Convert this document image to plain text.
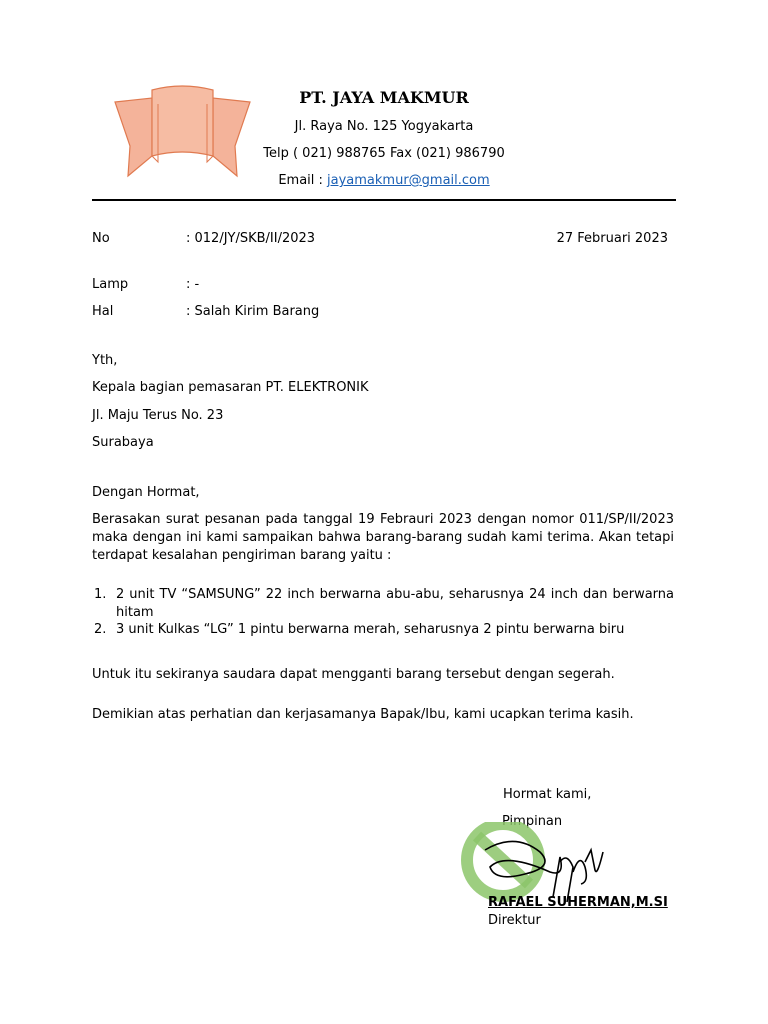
PT. JAYA MAKMUR
Jl. Raya No. 125 Yogyakarta
Telp ( 021) 988765 Fax (021) 986790
Email : jayamakmur@gmail.com
No	: 012/JY/SKB/II/2023	27 Februari 2023
Lamp	: -
Hal	: Salah Kirim Barang
Yth,
Kepala bagian pemasaran PT. ELEKTRONIK
Jl. Maju Terus No. 23
Surabaya
Dengan Hormat,
Berasakan surat pesanan pada tanggal 19 Febrauri 2023 dengan nomor 011/SP/II/2023 maka dengan ini kami sampaikan bahwa barang-barang sudah kami terima. Akan tetapi terdapat kesalahan pengiriman barang yaitu :
1. 2 unit TV “SAMSUNG” 22 inch berwarna abu-abu, seharusnya 24 inch dan berwarna hitam
2. 3 unit Kulkas “LG” 1 pintu berwarna merah, seharusnya 2 pintu berwarna biru
Untuk itu sekiranya saudara dapat mengganti barang tersebut dengan segerah.
Demikian atas perhatian dan kerjasamanya Bapak/Ibu, kami ucapkan terima kasih.
Hormat kami,
Pimpinan
RAFAEL SUHERMAN,M.SI
Direktur
